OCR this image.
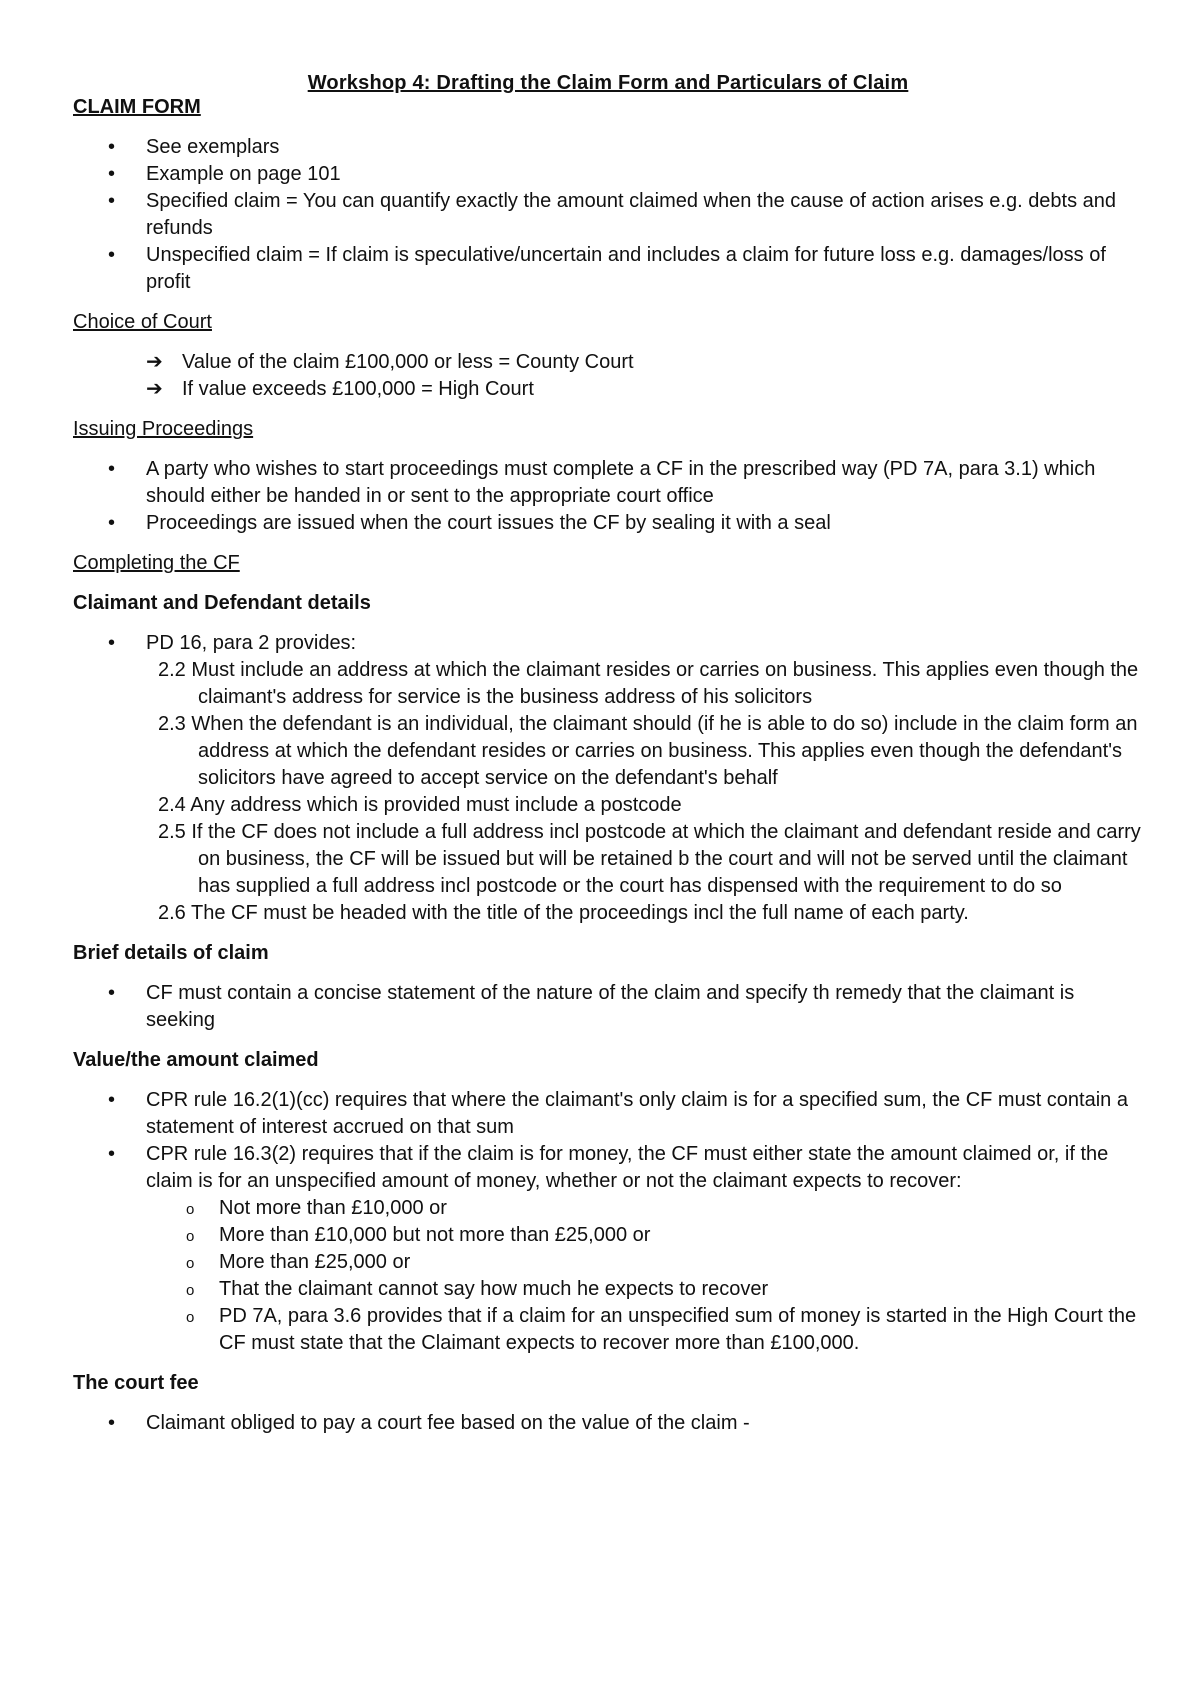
Workshop 4: Drafting the Claim Form and Particulars of Claim

CLAIM FORM

• See exemplars
• Example on page 101
• Specified claim = You can quantify exactly the amount claimed when the cause of action arises e.g. debts and refunds
• Unspecified claim = If claim is speculative/uncertain and includes a claim for future loss e.g. damages/loss of profit

Choice of Court

➔ Value of the claim £100,000 or less = County Court
➔ If value exceeds £100,000 = High Court

Issuing Proceedings

• A party who wishes to start proceedings must complete a CF in the prescribed way (PD 7A, para 3.1) which should either be handed in or sent to the appropriate court office
• Proceedings are issued when the court issues the CF by sealing it with a seal

Completing the CF

Claimant and Defendant details

• PD 16, para 2 provides:
2.2 Must include an address at which the claimant resides or carries on business. This applies even though the claimant's address for service is the business address of his solicitors
2.3 When the defendant is an individual, the claimant should (if he is able to do so) include in the claim form an address at which the defendant resides or carries on business. This applies even though the defendant's solicitors have agreed to accept service on the defendant's behalf
2.4 Any address which is provided must include a postcode
2.5 If the CF does not include a full address incl postcode at which the claimant and defendant reside and carry on business, the CF will be issued but will be retained b the court and will not be served until the claimant has supplied a full address incl postcode or the court has dispensed with the requirement to do so
2.6 The CF must be headed with the title of the proceedings incl the full name of each party.

Brief details of claim

• CF must contain a concise statement of the nature of the claim and specify th remedy that the claimant is seeking

Value/the amount claimed

• CPR rule 16.2(1)(cc) requires that where the claimant's only claim is for a specified sum, the CF must contain a statement of interest accrued on that sum
• CPR rule 16.3(2) requires that if the claim is for money, the CF must either state the amount claimed or, if the claim is for an unspecified amount of money, whether or not the claimant expects to recover:
o Not more than £10,000 or
o More than £10,000 but not more than £25,000 or
o More than £25,000 or
o That the claimant cannot say how much he expects to recover
o PD 7A, para 3.6 provides that if a claim for an unspecified sum of money is started in the High Court the CF must state that the Claimant expects to recover more than £100,000.

The court fee

• Claimant obliged to pay a court fee based on the value of the claim -
